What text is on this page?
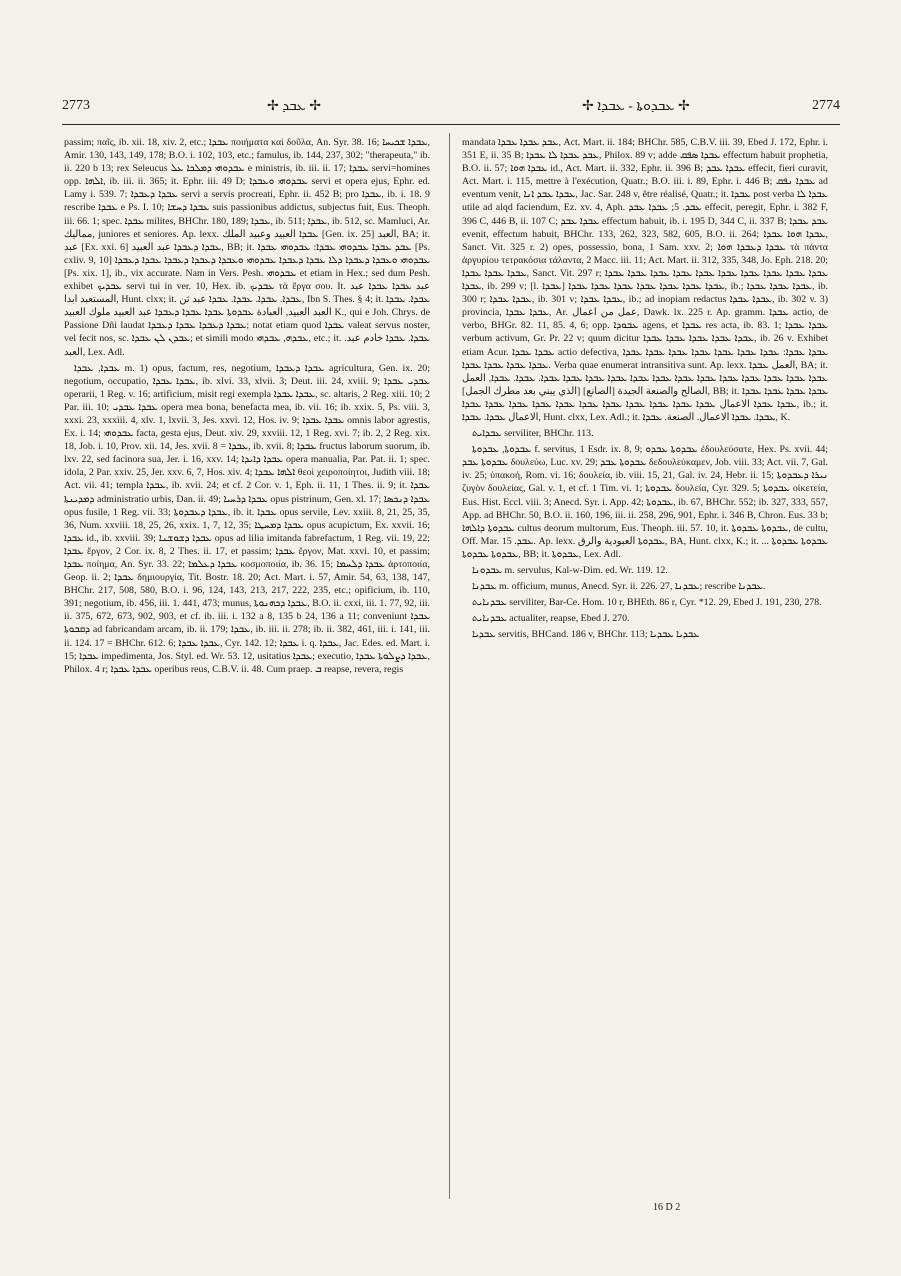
2773	✢ ܥܒܕ ✢	✢ ܥܒܕܘܬܐ - ܥܒܕܐ ✢	2774

passim; παῖς, ib. xii. 18, xiv. 2, etc.; ܥܒܕܐ ποιήματα καὶ δοῦλα, An. Syr. 38. 16; ܥܒܕܐ ܫܟܝܚܐ, Amir. 130, 143, 149, 178; B.O. i. 102, 103, etc.; famulus, ib. 144, 237, 302; "therapeuta," ib. ii. 220 b 13; rex Seleucus ܥܒܕܘܗܝ ܕܡܠܟܐ ܥܠ e ministris, ib. iii. ii. 17; ܥܒܕܐ servi=homines opp. ܐܠܗܐ, ib. iii. ii. 365; it. Ephr. iii. 49 D; ܥܒܕܘܗܝ ܘܥܒܕܐ servi et opera ejus, Ephr. ed. Lamy i. 539. 7; ܥܒܕܐ ܕܥܒܕܐ servi a servis procreati, Ephr. ii. 452 B; pro ܥܒܕܐ, ib. i. 18. 9 rescribe ܥܒܕܐ e Ps. I. 10; ܥܒܕܐ ܕܚܫܐ suis passionibus addictus, subjectus fuit, Eus. Theoph. iii. 66. 1; spec. ܥܒܕܐ milites, BHChr. 180, 189; ܥܒܕܐ, ib. 511; ܥܒܕܐ, ib. 512, sc. Mamluci, Ar. مماليك, juniores et seniores. Ap. lexx. ܥܒܕܐ العبيد وعبيد الملك [Gen. ix. 25] العبد, BA; it. عبد [Ex. xxi. 6] ܥܒܕܐ ܕܥܒܕܐ عبد العبيد, BB; it. ܥܒܕ ܥܒܕܐ ܥܒܕܘܗܝ ܥܒܕܐ: ܥܒܕܘܗܝ ܥܒܕܐ [Ps. cxliv. 9, 10] ܥܒܕܘܗܝ ܘܥܒܕܐ ܕܥܒܕܐ ܕܠܐ ܥܒܕܐ ܕܥܒܕܐ ܥܒܕܘܗܝ ܘܥܒܕܐ ܕܥܒܕܐ ܕܥܒܕܐ ܥܒܕܐ ܕܥܒܕܐ [Ps. xix. 1], ib., vix accurate. Nam in Vers. Pesh. ܥܒܕܘܗܝ et etiam in Hex.; sed dum Pesh. exhibet ܥܒܕܝܟ servi tui in ver. 10, Hex. ib. ܥܒܕܝܟ τὰ ἔργα σου. It. عبد ܥܒܕܐ ܥܒܕܐ عبد المستعبد ابدا, Hunt. clxx; it. ܥܒܕܐ. ܥܒܕܐ. ܥܒܕܐ. ܥܒܕܐ عبد ثن, Ibn S. Thes. § 4; it. ܥܒܕܐ. ܥܒܕܐ العبد العبيد, العبادة ܥܒܕܘܬܐ ܥܒܕܐ ܥܒܕܐ ܕܥܒܕܐ عبد العبيد ملوك العبيد K., qui e Joh. Chrys. de Passione Dñi laudat ܥܒܕܐ ܕܥܒܕܐ ܥܒܕܐ ܕܥܒܕܐ; notat etiam quod ܥܒܕܐ valeat servus noster, vel fecit nos, sc. ܥܒܕܢ ܠܢ ܥܒܕܐ; et simili modo ܥܒܕܗ, ܥܒܕܗܝ, etc.; it. ܥܒܕܐ. ܥܒܕܐ خادم عبد. العبد, Lex. Adl.

ܥܒܕܐ, ܥܒܕܐ m. 1) opus, factum, res, negotium, ܥܒܕܐ ܕܥܒܕܐ agricultura, Gen. ix. 20; negotium, occupatio, ܥܒܕܐ ܥܒܕܐ, ib. xlvi. 33, xlvii. 3; Deut. iii. 24, xviii. 9; ܥܒܕܝ ܥܒܕܐ operarii, 1 Reg. v. 16; artificium, misit regi exempla ܥܒܕܐ ܥܒܕܐ, sc. altaris, 2 Reg. xiii. 10; 2 Par. iii. 10; ܥܒܕܐ ܥܒܕܝ opera mea bona, benefacta mea, ib. vii. 16; ib. xxix. 5, Ps. viii. 3, xxxi. 23, xxxiii. 4, xlv. 1, lxvii. 3, Jes. xxvi. 12, Hos. iv. 9; ܥܒܕܐ ܥܒܕܐ omnis labor agrestis, Ex. i. 14; ܥܒܕܘܗܝ facta, gesta ejus, Deut. xiv. 29, xxviii. 12, 1 Reg. xvi. 7; ib. 2, 2 Reg. xix. 18, Job. i. 10, Prov. xii. 14, Jes. xvii. 8 = ܥܒܕܐ, ib. xvii. 8; ܥܒܕܐ fructus laborum suorum, ib. lxv. 22, sed facinora sua, Jer. i. 16, xxv. 14; ܥܒܕܐ ܕܐܝܕܐ opera manualia, Par. Pat. ii. 1; spec. idola, 2 Par. xxiv. 25, Jer. xxv. 6, 7, Hos. xiv. 4; ܐܠܗܐ ܥܒܕܐ θεοὶ χειροποίητοι, Judith viii. 18; Act. vii. 41; templa ܥܒܕܐ, ib. xvii. 24; et cf. 2 Cor. v. 1, Eph. ii. 11, 1 Thes. ii. 9; it. ܥܒܕܐ ܕܡܕܝܢܬܐ administratio urbis, Dan. ii. 49; ܥܒܕܐ ܕܪܚܝܐ opus pistrinum, Gen. xl. 17; ܥܒܕܐ ܕܢܟܣܐ opus fusile, 1 Reg. vii. 33; ܥܒܕܐ ܕܥܒܕܘܬܐ, ib. it. ܥܒܕܐ opus servile, Lev. xxiii. 8, 21, 25, 35, 36, Num. xxviii. 18, 25, 26, xxix. 1, 7, 12, 35; ܥܒܕܐ ܕܡܚܛܐ opus acupictum, Ex. xxvii. 16; ܥܒܕܐ id., ib. xxviii. 39; ܥܒܕܐ ܕܫܘܫܢܐ opus ad lilia imitanda fabrefactum, 1 Reg. vii. 19, 22; ܥܒܕܐ ἔργον, 2 Cor. ix. 8, 2 Thes. ii. 17, et passim; ܥܒܕܐ ἔργον, Mat. xxvi. 10, et passim; ܥܒܕܐ ποίημα, An. Syr. 33. 22; ܥܒܕܐ ܕܥܠܡܐ κοσμοποιία, ib. 36. 15; ܥܒܕܐ ܕܠܚܡܐ ἀρτοποιία, Geop. ii. 2; ܥܒܕܐ δημιουργία, Tit. Bostr. 18. 20; Act. Mart. i. 57, Amir. 54, 63, 138, 147, BHChr. 217, 508, 580, B.O. i. 96, 124, 143, 213, 217, 222, 235, etc.; opificium, ib. 110, 391; negotium, ib. 456, iii. 1. 441, 473; munus, ܥܒܕܐ ܕܟܗܢܘܬܐ, B.O. ii. cxxi, iii. 1. 77, 92, iii. ii. 375, 672, 673, 902, 903, et cf. ib. iii. i. 132 a 8, 135 b 24, 136 a 11; conveniunt ܥܒܕܐ ܕܩܒܘܬܐ ad fabricandam arcam, ib. ii. 179; ܥܒܕܐ, ib. iii. ii. 278; ib. ii. 382, 461, iii. i. 141, iii. ii. 124. 17 = BHChr. 612. 6; ܥܒܕܐ ܥܒܕܐ, Cyr. 142. 12; ܥܒܕܐ i. q. ܥܒܕܐ, Jac. Edes. ed. Mart. i. 15; ܥܒܕܐ impedimenta, Jos. Styl. ed. Wr. 53. 12, usitatius ܥܒܕܐ; executio, ܥܒܕܐ ܕܨܠܘܬܐ ܥܒܕܐ, Philox. 4 r; ܥܒܕܐ ܥܒܕܐ operibus reus, C.B.V. ii. 48. Cum praep. ܒ reapse, revera, regis

mandata ܥܒܕ ܥܒܕܐ ܥܒܕܐ, Act. Mart. ii. 184; BHChr. 585, C.B.V. iii. 39, Ebed J. 172, Ephr. i. 351 E, ii. 35 B; ܥܒܕ ܥܒܕܐ ܠܐ ܥܒܕܐ, Philox. 89 v; adde ܥܒܕܐ ܣܦܩ effectum habuit prophetia, B.O. ii. 57; ܥܒܕܐ ܗܘܐ id., Act. Mart. ii. 332, Ephr. ii. 396 B; ܥܒܕܐ ܥܒܕ effecit, fieri curavit, Act. Mart. i. 115, mettre à l'exécution, Quatr.; B.O. iii. i. 89, Ephr. i. 446 B; ܥܒܕܐ ܢܦܩ ad eventum venit, ܥܒܕܐ ܥܒܕ ܐܢܐ, Jac. Sar. 248 v, être réalisé, Quatr.; it. ܥܒܕܐ post verba ܥܒܕܐ ܠܐ utile ad alqd faciendum, Ez. xv. 4, Aph. ܥܒܕ. 5; ܥܒܕܐ ܥܒܕ effecit, peregit, Ephr. i. 382 F, 396 C, 446 B, ii. 107 C; ܥܒܕܐ ܥܒܕ effectum habuit, ib. i. 195 D, 344 C, ii. 337 B; ܥܒܕ ܥܒܕܐ evenit, effectum habuit, BHChr. 133, 262, 323, 582, 605, B.O. ii. 264; ܥܒܕܐ ܗܘܐ ܥܒܕܐ, Sanct. Vit. 325 r. 2) opes, possessio, bona, 1 Sam. xxv. 2; ܥܒܕܐ ܕܥܒܕܐ ܗܘܐ τὰ πάντα ἀργυρίου τετρακόσια τάλαντα, 2 Macc. iii. 11; Act. Mart. ii. 312, 335, 348, Jo. Eph. 218. 20; ܥܒܕܐ ܥܒܕܐ ܥܒܕܐ, Sanct. Vit. 297 r; ܥܒܕܐ ܥܒܕܐ ܥܒܕܐ ܥܒܕܐ ܥܒܕܐ ܥܒܕܐ ܥܒܕܐ ܥܒܕܐ ܥܒܕܐ ܥܒܕܐ ܥܒܕܐ, ib. 299 v; [l. ܥܒܕܐ] ܥܒܕܐ ܥܒܕܐ ܥܒܕܐ ܥܒܕܐ ܥܒܕܐ ܥܒܕܐ ܥܒܕܐ, ib.; ܥܒܕܐ ܥܒܕܐ ܥܒܕܐ, ib. 300 r; ܥܒܕܐ ܥܒܕܐ, ib. 301 v; ܥܒܕܐ ܥܒܕܐ, ib.; ad inopiam redactus ܥܒܕܐ ܥܒܕܐ, ib. 302 v. 3) provincia, ܥܒܕܐ ܥܒܕܐ, Ar. عمل من اعمال, Dawk. lx. 225 r. Ap. gramm. ܥܒܕܐ actio, de verbo, BHGr. 82. 11, 85. 4, 6; opp. ܥܒܘܕܐ agens, et ܥܒܕܐ res acta, ib. 83. 1; ܥܒܕܐ ܥܒܕܐ verbum activum, Gr. Pr. 22 v; quum dicitur ܥܒܕܐ ܥܒܕܐ ܥܒܕܐ ܥܒܕܐ ܥܒܕܐ, ib. 26 v. Exhibet etiam Acur. ܥܒܕܐ ܥܒܕܐ actio defectiva, ܥܒܕܐ ܥܒܕܐ: ܥܒܕܐ ܥܒܕܐ ܥܒܕܐ ܥܒܕܐ ܥܒܕܐ ܥܒܕܐ ܥܒܕܐ ܥܒܕܐ ܥܒܕܐ ܥܒܕܐ ܥܒܕܐ. Verba quae enumerat intransitiva sunt. Ap. lexx. العمل ܥܒܕܐ, BA; it. ܥܒܕܐ ܥܒܕܐ ܥܒܕܐ ܥܒܕܐ ܥܒܕܐ ܥܒܕܐ ܥܒܕܐ ܥܒܕܐ ܥܒܕܐ ܥܒܕܐ ܥܒܕܐ ܥܒܕܐ ܥܒܕܐ. ܥܒܕܐ. ܥܒܕܐ, العمل الصالح والصنعة الجيدة [الصانع] [الذي يبني بعد مطرك الجمل], BB; it. ܥܒܕܐ ܥܒܕܐ ܥܒܕܐ ܥܒܕܐ ܥܒܕܐ ܥܒܕܐ الاعمال ܥܒܕܐ ܥܒܕܐ ܥܒܕܐ ܥܒܕܐ ܥܒܕܐ ܥܒܕܐ ܥܒܕܐ ܥܒܕܐ ܥܒܕܐ ܥܒܕܐ ܥܒܕܐ, ib.; it. الاعمال ܥܒܕܐ. ܥܒܕܐ, Hunt. clxx, Lex. Adl.; it. ܥܒܕܐ. ܥܒܕܐ الاعمال. الصنعة. ܥܒܕܐ, K.

ܥܒܕܐܝܬ serviliter, BHChr. 113.

ܥܒܕܘܬܐ, ܥܒܕܘܬܐ f. servitus, 1 Esdr. ix. 8, 9; ܥܒܕܘܬܐ ܥܒܕܘ ἐδουλεύσατε, Hex. Ps. xvii. 44; ܥܒܕܘܬܐ ܥܒܕ δουλεύω, Luc. xv. 29; ܥܒܕܘܬܐ ܥܒܕ δεδουλεύκαμεν, Job. viii. 33; Act. vii. 7, Gal. iv. 25; ὑπακοή, Rom. vi. 16; δουλεία, ib. viii. 15, 21, Gal. iv. 24, Hebr. ii. 15; ܢܝܪܐ ܕܥܒܕܘܬܐ ζυγὸν δουλείας, Gal. v. 1, et cf. 1 Tim. vi. 1; ܥܒܕܘܬܐ δουλεία, Cyr. 329. 5; ܥܒܕܘܬܐ οἰκετεία, Eus. Hist. Eccl. viii. 3; Anecd. Syr. i. App. 42; ܥܒܕܘܬܐ, ib. 67, BHChr. 552; ib. 327, 333, 557, App. ad BHChr. 50, B.O. ii. 160, 196, iii. ii. 258, 296, 901, Ephr. i. 346 B, Chron. Eus. 33 b; ܥܒܕܘܬܐ ܕܐܠܗܐ cultus deorum multorum, Eus. Theoph. iii. 57. 10, it. ܥܒܕܘܬܐ ܥܒܕܘܬܐ, de cultu, Off. Mar. ܥܒܕ. 15. Ap. lexx. ܥܒܕܘܬܐ العبودية والرق, BA, Hunt. clxx, K.; it. ܥܒܕܘܬܐ ܥܒܕܘܬܐ ... ܥܒܕܘܬܐ ܥܒܕܘܬܐ, BB; it. ܥܒܕܘܬܐ, Lex. Adl.

ܥܒܕܘܢܐ m. servulus, Kal-w-Dim. ed. Wr. 119. 12.

ܥܒܕܢܐ m. officium, munus, Anecd. Syr. ii. 226. 27, ܥܒܕܢܐ; rescribe ܥܒܕܢܐ.

ܥܒܕܢܐܝܬ serviliter, Bar-Ce. Hom. 10 r, BHEth. 86 r, Cyr. *12. 29, Ebed J. 191, 230, 278.

ܥܒܕܢܐܝܬ actualiter, reapse, Ebed J. 270.

ܥܒܕܝܐ servitis, BHCand. 186 v, BHChr. 113; ܥܒܕܝܐ ܥܒܕܝܐ

16 D 2
